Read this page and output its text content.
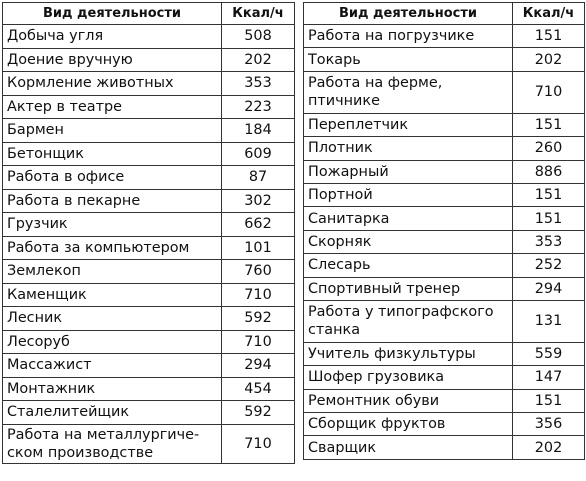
Вид деятельности	Ккал/ч
Добыча угля	508
Доение вручную	202
Кормление животных	353
Актер в театре	223
Бармен	184
Бетонщик	609
Работа в офисе	87
Работа в пекарне	302
Грузчик	662
Работа за компьютером	101
Землекоп	760
Каменщик	710
Лесник	592
Лесоруб	710
Массажист	294
Монтажник	454
Сталелитейщик	592
Работа на металлургиче-
ском производстве	710
Вид деятельности	Ккал/ч
Работа на погрузчике	151
Токарь	202
Работа на ферме,
птичнике	710
Переплетчик	151
Плотник	260
Пожарный	886
Портной	151
Санитарка	151
Скорняк	353
Слесарь	252
Спортивный тренер	294
Работа у типографского
станка	131
Учитель физкультуры	559
Шофер грузовика	147
Ремонтник обуви	151
Сборщик фруктов	356
Сварщик	202
